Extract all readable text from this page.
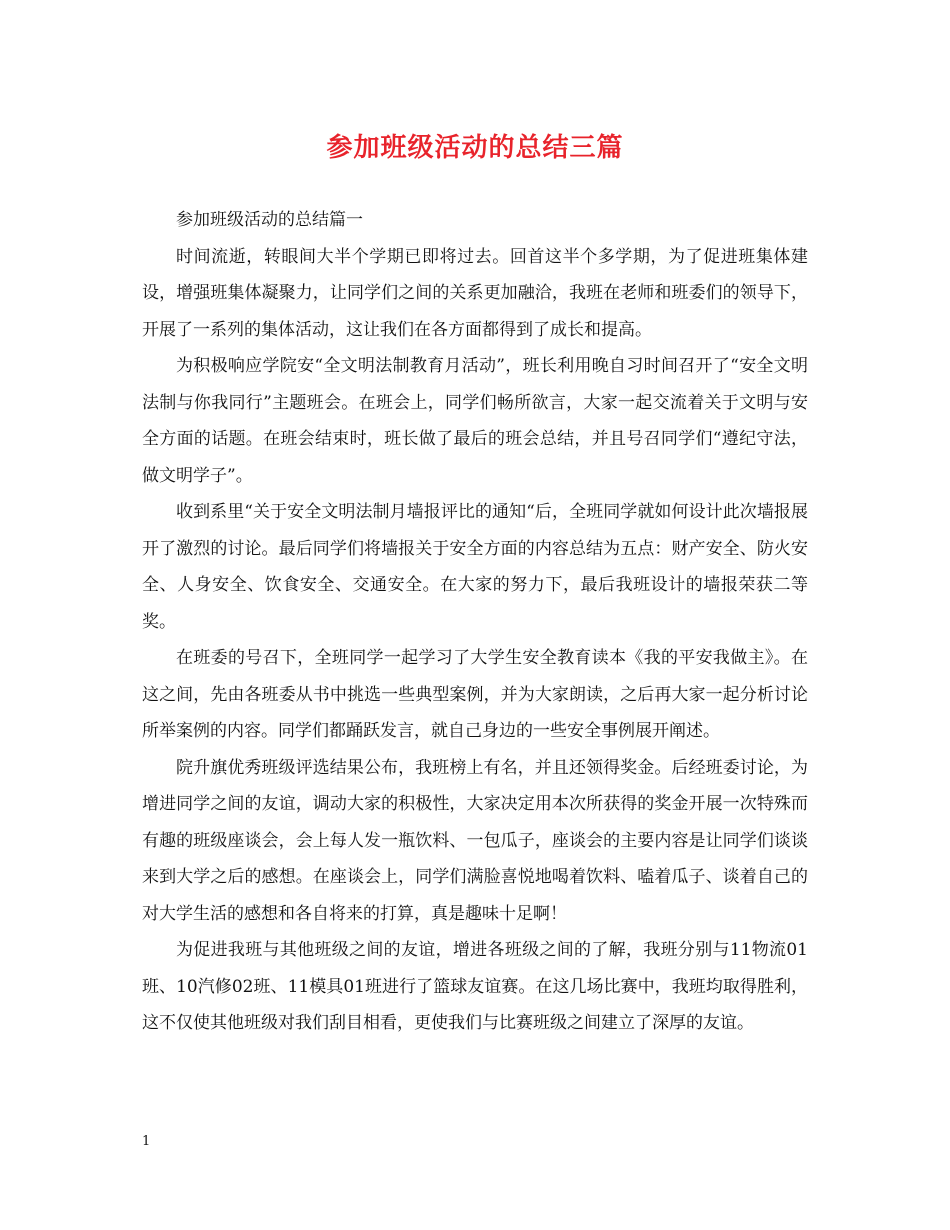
参加班级活动的总结三篇

参加班级活动的总结篇一

时间流逝，转眼间大半个学期已即将过去。回首这半个多学期，为了促进班集体建设，增强班集体凝聚力，让同学们之间的关系更加融洽，我班在老师和班委们的领导下，开展了一系列的集体活动，这让我们在各方面都得到了成长和提高。

为积极响应学院安“全文明法制教育月活动”，班长利用晚自习时间召开了“安全文明法制与你我同行”主题班会。在班会上，同学们畅所欲言，大家一起交流着关于文明与安全方面的话题。在班会结束时，班长做了最后的班会总结，并且号召同学们“遵纪守法，做文明学子”。

收到系里“关于安全文明法制月墙报评比的通知“后，全班同学就如何设计此次墙报展开了激烈的讨论。最后同学们将墙报关于安全方面的内容总结为五点：财产安全、防火安全、人身安全、饮食安全、交通安全。在大家的努力下，最后我班设计的墙报荣获二等奖。

在班委的号召下，全班同学一起学习了大学生安全教育读本《我的平安我做主》。在这之间，先由各班委从书中挑选一些典型案例，并为大家朗读，之后再大家一起分析讨论所举案例的内容。同学们都踊跃发言，就自己身边的一些安全事例展开阐述。

院升旗优秀班级评选结果公布，我班榜上有名，并且还领得奖金。后经班委讨论，为增进同学之间的友谊，调动大家的积极性，大家决定用本次所获得的奖金开展一次特殊而有趣的班级座谈会，会上每人发一瓶饮料、一包瓜子，座谈会的主要内容是让同学们谈谈来到大学之后的感想。在座谈会上，同学们满脸喜悦地喝着饮料、嗑着瓜子、谈着自己的对大学生活的感想和各自将来的打算，真是趣味十足啊！

为促进我班与其他班级之间的友谊，增进各班级之间的了解，我班分别与11物流01班、10汽修02班、11模具01班进行了篮球友谊赛。在这几场比赛中，我班均取得胜利，这不仅使其他班级对我们刮目相看，更使我们与比赛班级之间建立了深厚的友谊。

1
